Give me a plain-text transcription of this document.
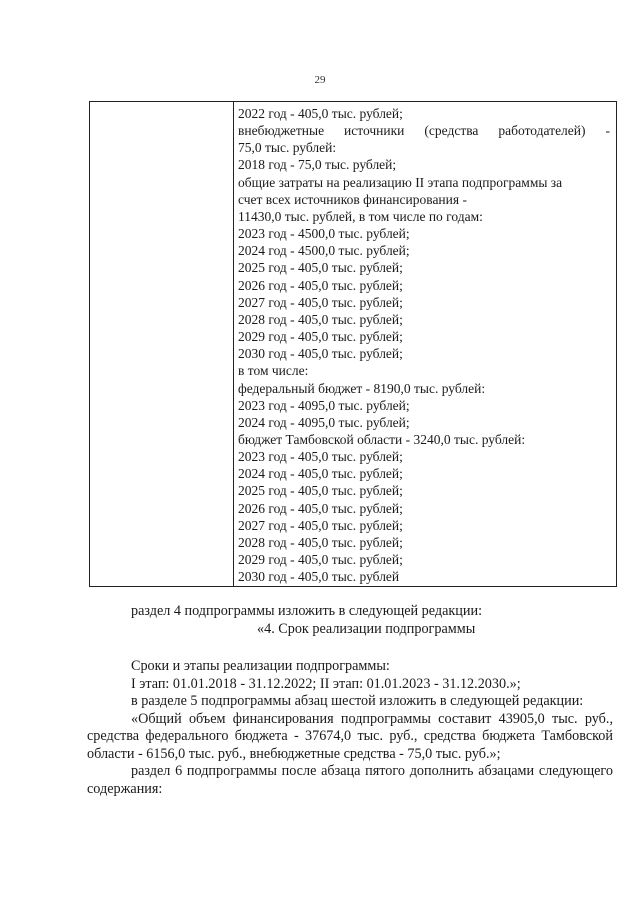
29
2022 год - 405,0 тыс. рублей;
внебюджетные источники (средства работодателей) -
75,0 тыс. рублей:
2018 год - 75,0 тыс. рублей;
общие затраты на реализацию II этапа подпрограммы за
счет всех источников финансирования -
11430,0 тыс. рублей, в том числе по годам:
2023 год - 4500,0 тыс. рублей;
2024 год - 4500,0 тыс. рублей;
2025 год - 405,0 тыс. рублей;
2026 год - 405,0 тыс. рублей;
2027 год - 405,0 тыс. рублей;
2028 год - 405,0 тыс. рублей;
2029 год - 405,0 тыс. рублей;
2030 год - 405,0 тыс. рублей;
в том числе:
федеральный бюджет - 8190,0 тыс. рублей:
2023 год - 4095,0 тыс. рублей;
2024 год - 4095,0 тыс. рублей;
бюджет Тамбовской области - 3240,0 тыс. рублей:
2023 год - 405,0 тыс. рублей;
2024 год - 405,0 тыс. рублей;
2025 год - 405,0 тыс. рублей;
2026 год - 405,0 тыс. рублей;
2027 год - 405,0 тыс. рублей;
2028 год - 405,0 тыс. рублей;
2029 год - 405,0 тыс. рублей;
2030 год - 405,0 тыс. рублей

раздел 4 подпрограммы изложить в следующей редакции:

«4. Срок реализации подпрограммы

Сроки и этапы реализации подпрограммы:

I этап: 01.01.2018 - 31.12.2022; II этап: 01.01.2023 - 31.12.2030.»;

в разделе 5 подпрограммы абзац шестой изложить в следующей редакции:

«Общий объем финансирования подпрограммы составит 43905,0 тыс. руб., средства федерального бюджета - 37674,0 тыс. руб., средства бюджета Тамбовской области - 6156,0 тыс. руб., внебюджетные средства - 75,0 тыс. руб.»;

раздел 6 подпрограммы после абзаца пятого дополнить абзацами следующего содержания:
